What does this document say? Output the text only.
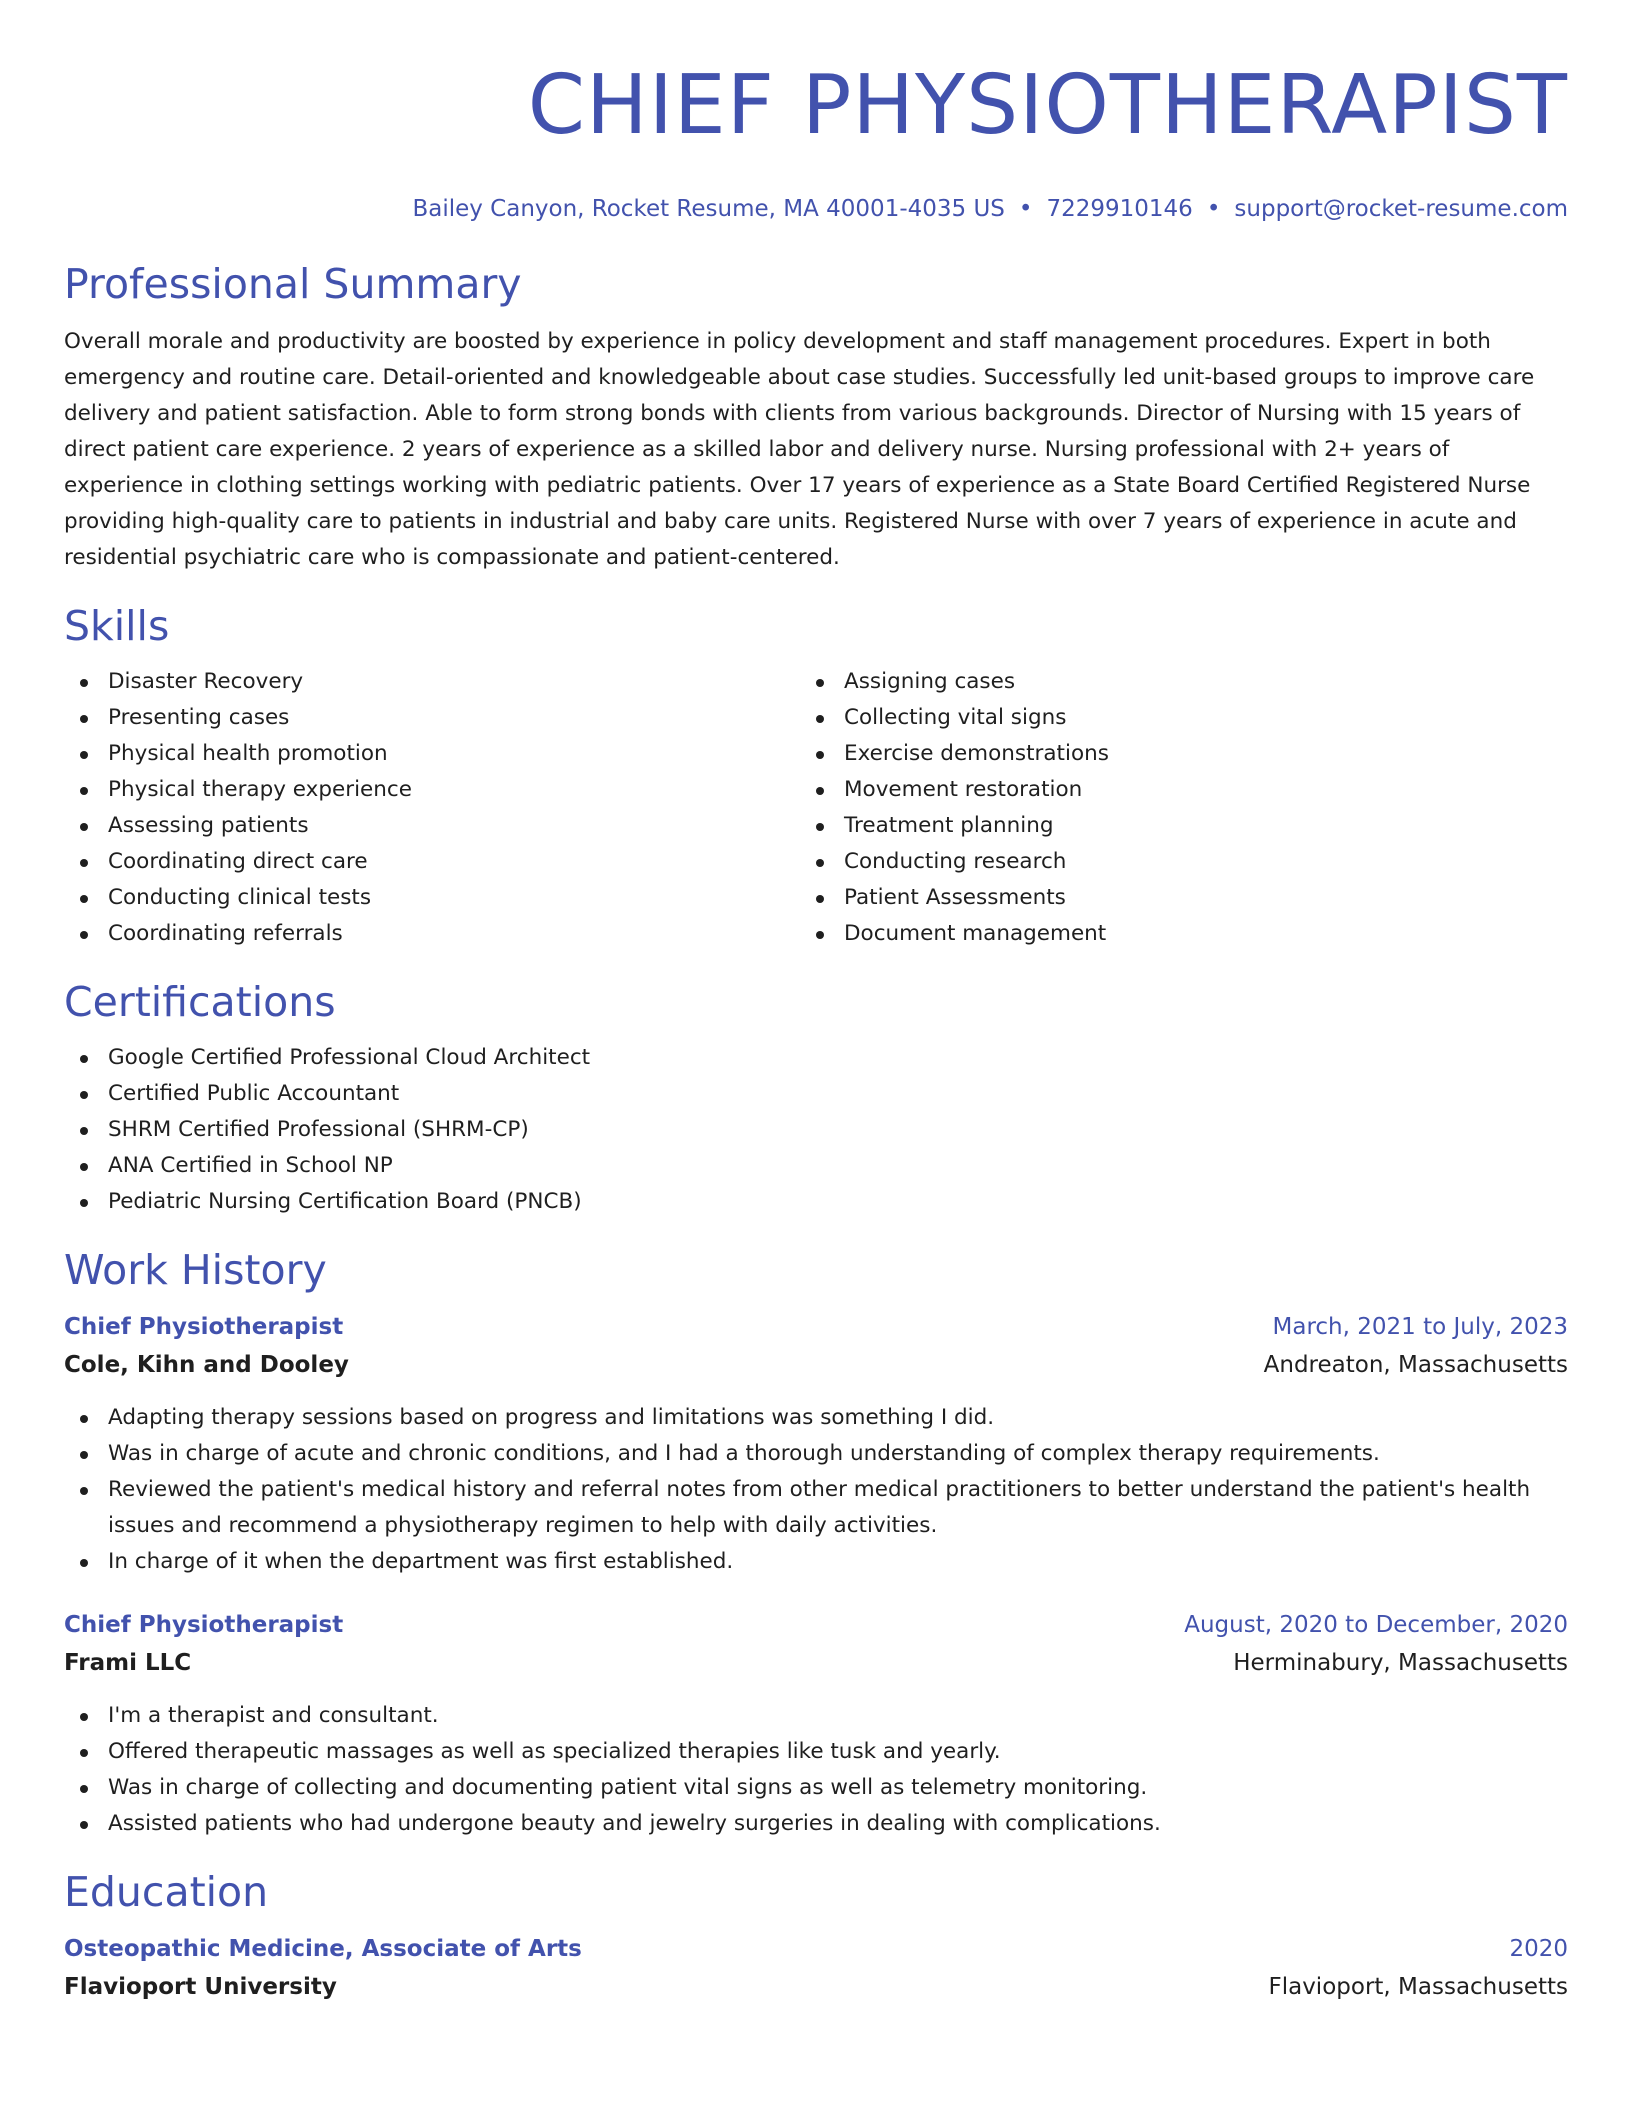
CHIEF PHYSIOTHERAPIST
Bailey Canyon, Rocket Resume, MA 40001-4035 US • 7229910146 • support@rocket-resume.com
Professional Summary
Overall morale and productivity are boosted by experience in policy development and staff management procedures. Expert in both emergency and routine care. Detail-oriented and knowledgeable about case studies. Successfully led unit-based groups to improve care delivery and patient satisfaction. Able to form strong bonds with clients from various backgrounds. Director of Nursing with 15 years of direct patient care experience. 2 years of experience as a skilled labor and delivery nurse. Nursing professional with 2+ years of experience in clothing settings working with pediatric patients. Over 17 years of experience as a State Board Certified Registered Nurse providing high-quality care to patients in industrial and baby care units. Registered Nurse with over 7 years of experience in acute and residential psychiatric care who is compassionate and patient-centered.
Skills
Disaster Recovery
Presenting cases
Physical health promotion
Physical therapy experience
Assessing patients
Coordinating direct care
Conducting clinical tests
Coordinating referrals
Assigning cases
Collecting vital signs
Exercise demonstrations
Movement restoration
Treatment planning
Conducting research
Patient Assessments
Document management
Certifications
Google Certified Professional Cloud Architect
Certified Public Accountant
SHRM Certified Professional (SHRM-CP)
ANA Certified in School NP
Pediatric Nursing Certification Board (PNCB)
Work History
Chief Physiotherapist	March, 2021 to July, 2023
Cole, Kihn and Dooley	Andreaton, Massachusetts
Adapting therapy sessions based on progress and limitations was something I did.
Was in charge of acute and chronic conditions, and I had a thorough understanding of complex therapy requirements.
Reviewed the patient's medical history and referral notes from other medical practitioners to better understand the patient's health issues and recommend a physiotherapy regimen to help with daily activities.
In charge of it when the department was first established.
Chief Physiotherapist	August, 2020 to December, 2020
Frami LLC	Herminabury, Massachusetts
I'm a therapist and consultant.
Offered therapeutic massages as well as specialized therapies like tusk and yearly.
Was in charge of collecting and documenting patient vital signs as well as telemetry monitoring.
Assisted patients who had undergone beauty and jewelry surgeries in dealing with complications.
Education
Osteopathic Medicine, Associate of Arts	2020
Flavioport University	Flavioport, Massachusetts
